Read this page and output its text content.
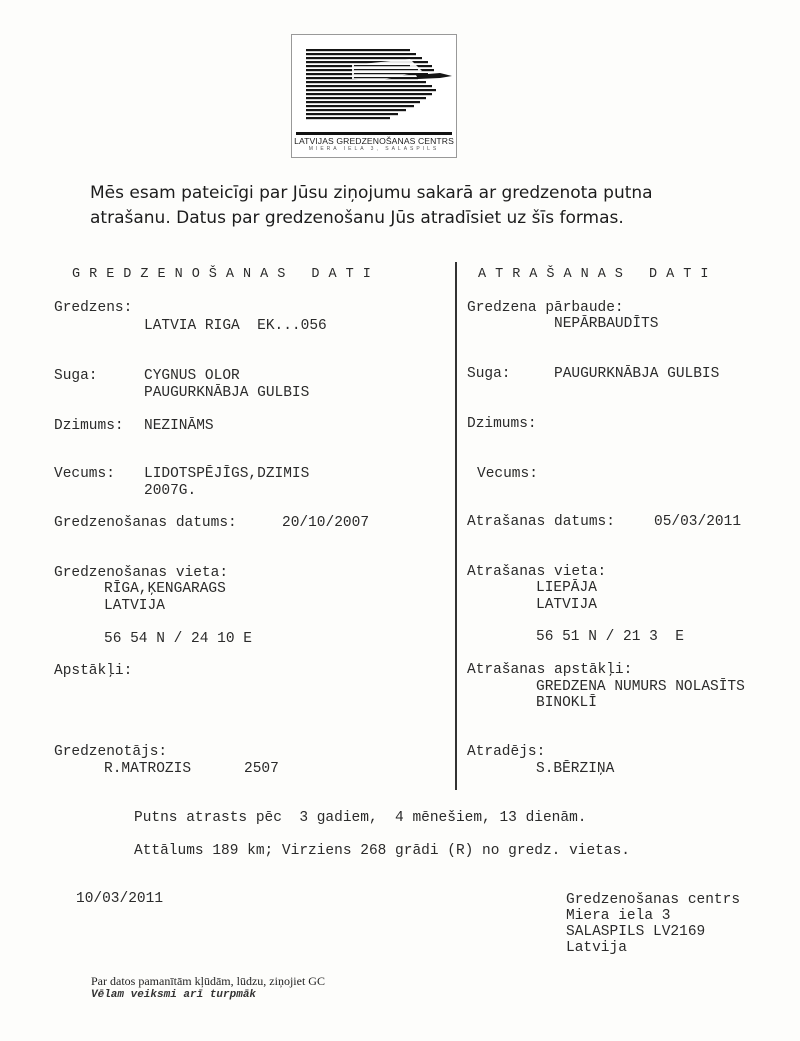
LATVIJAS GREDZENOŠANAS CENTRS
MIERA IELA 3, SALASPILS
Mēs esam pateicīgi par Jūsu ziņojumu sakarā ar gredzenota putna atrašanu. Datus par gredzenošanu Jūs atradīsiet uz šīs formas.
GREDZENOŠANAS DATI
Gredzens:
LATVIA RIGA  EK...056
Suga:	CYGNUS OLOR
PAUGURKNĀBJA GULBIS
Dzimums: NEZINĀMS
Vecums: LIDOTSPĒJĪGS,DZIMIS
2007G.
Gredzenošanas datums:	20/10/2007
Gredzenošanas vieta:
RĪGA,ĶENGARAGS
LATVIJA
56 54 N / 24 10 E
Apstākļi:
Gredzenotājs:
R.MATROZIS	2507
ATRAŠANAS DATI
Gredzena pārbaude:
NEPĀRBAUDĪTS
Suga:	PAUGURKNĀBJA GULBIS
Dzimums:
Vecums:
Atrašanas datums:	05/03/2011
Atrašanas vieta:
LIEPĀJA
LATVIJA
56 51 N / 21 3  E
Atrašanas apstākļi:
GREDZENA NUMURS NOLASĪTS
BINOKLĪ
Atradējs:
S.BĒRZIŅA
Putns atrasts pēc  3 gadiem,  4 mēnešiem, 13 dienām.
Attālums 189 km; Virziens 268 grādi (R) no gredz. vietas.
10/03/2011	Gredzenošanas centrs
Miera iela 3
SALASPILS LV2169
Latvija
Par datos pamanītām kļūdām, lūdzu, ziņojiet GC
Vēlam veiksmi arī turpmāk
